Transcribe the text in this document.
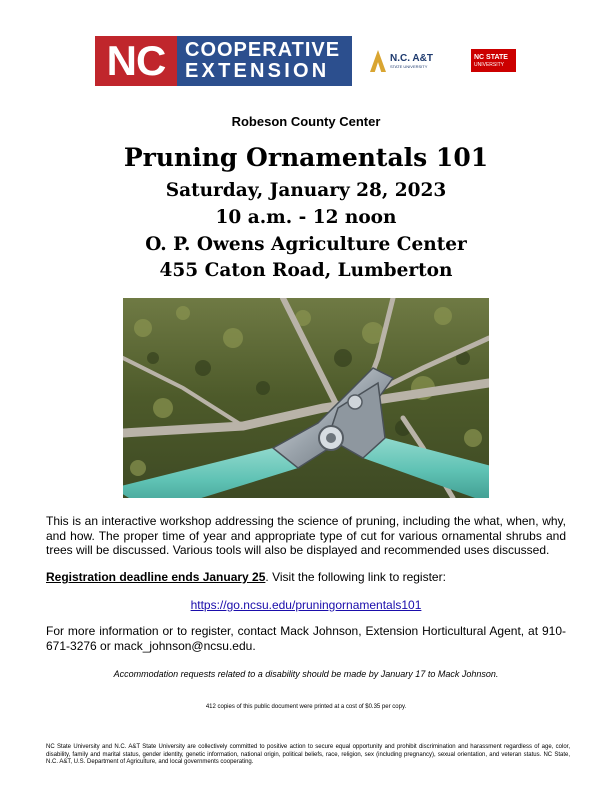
NC COOPERATIVE
EXTENSION
N.C. A&T
STATE UNIVERSITY
NC STATE
UNIVERSITY
Robeson County Center
Pruning Ornamentals 101
Saturday, January 28, 2023
10 a.m. - 12 noon
O. P. Owens Agriculture Center
455 Caton Road, Lumberton
This is an interactive workshop addressing the science of pruning, including the what, when, why, and how. The proper time of year and appropriate type of cut for various ornamental shrubs and trees will be discussed. Various tools will also be displayed and recommended uses discussed.
Registration deadline ends January 25. Visit the following link to register:
https://go.ncsu.edu/pruningornamentals101
For more information or to register, contact Mack Johnson, Extension Horticultural Agent, at 910-671-3276 or mack_johnson@ncsu.edu.
Accommodation requests related to a disability should be made by January 17 to Mack Johnson.
412 copies of this public document were printed at a cost of $0.35 per copy.
NC State University and N.C. A&T State University are collectively committed to positive action to secure equal opportunity and prohibit discrimination and harassment regardless of age, color, disability, family and marital status, gender identity, genetic information, national origin, political beliefs, race, religion, sex (including pregnancy), sexual orientation, and veteran status. NC State, N.C. A&T, U.S. Department of Agriculture, and local governments cooperating.
